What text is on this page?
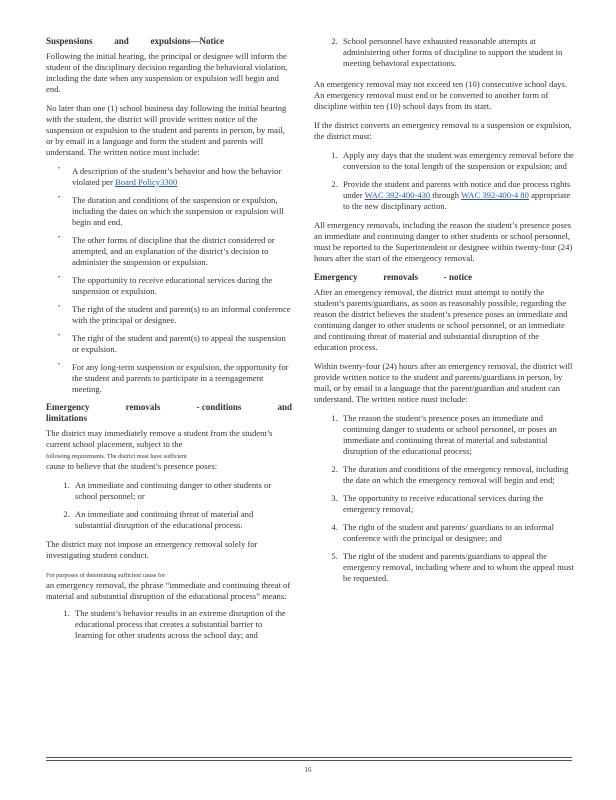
Suspensions and expulsions—Notice

Following the initial hearing, the principal or designee will inform the student of the disciplinary decision regarding the behavioral violation, including the date when any suspension or expulsion will begin and end.

No later than one (1) school business day following the initial hearing with the student, the district will provide written notice of the suspension or expulsion to the student and parents in person, by mail, or by email in a language and form the student and parents will understand. The written notice must include:

• A description of the student’s behavior and how the behavior violated per Board Policy3300
• The duration and conditions of the suspension or expulsion, including the dates on which the suspension or expulsion will begin and end.
• The other forms of discipline that the district considered or attempted, and an explanation of the district’s decision to administer the suspension or expulsion.
• The opportunity to receive educational services during the suspension or expulsion.
• The right of the student and parent(s) to an informal conference with the principal or designee.
• The right of the student and parent(s) to appeal the suspension or expulsion.
• For any long-term suspension or expulsion, the opportunity for the student and parents to participate in a reengagement meeting.
Emergency	removals	- conditions	and
limitations

The district may immediately remove a student from the student’s current school placement, subject to the
following requirements. The district must have sufficient
cause to believe that the student’s presence poses:

1. An immediate and continuing danger to other students or school personnel; or
2. An immediate and continuing threat of material and substantial disruption of the educational process.

The district may not impose an emergency removal solely for investigating student conduct.

For purposes of determining sufficient cause for
an emergency removal, the phrase “immediate and continuing threat of material and substantial disruption of the educational process” means:

1. The student’s behavior results in an extreme disruption of the educational process that creates a substantial barrier to learning for other students across the school day; and
2. School personnel have exhausted reasonable attempts at administering other forms of discipline to support the student in meeting behavioral expectations.

An emergency removal may not exceed ten (10) consecutive school days. An emergency removal must end or be converted to another form of discipline within ten (10) school days from its start.

If the district converts an emergency removal to a suspension or expulsion, the district must:

1. Apply any days that the student was emergency removal before the conversion to the total length of the suspension or expulsion; and
2. Provide the student and parents with notice and due process rights under WAC 392-400-430 through WAC 392-400-4 80 appropriate to the new disciplinary action.

All emergency removals, including the reason the student’s presence poses an immediate and continuing danger to other students or school personnel, must be reported to the Superintendent or designee within twenty-four (24) hours after the start of the emergency removal.

Emergency	removals	- notice

After an emergency removal, the district must attempt to notify the student’s parents/guardians, as soon as reasonably possible, regarding the reason the district believes the student’s presence poses an immediate and continuing danger to other students or school personnel, or an immediate and continuing threat of material and substantial disruption of the education process.

Within twenty-four (24) hours after an emergency removal, the district will provide written notice to the student and parents/guardians in person, by mail, or by email in a language that the parent/guardian and student can understand. The written notice must include:

1. The reason the student’s presence poses an immediate and continuing danger to students or school personnel, or poses an immediate and continuing threat of material and substantial disruption of the educational process;
2. The duration and conditions of the emergency removal, including the date on which the emergency removal will begin and end;
3. The opportunity to receive educational services during the emergency removal;
4. The right of the student and parents/ guardians to an informal conference with the principal or designee; and
5. The right of the student and parents/guardians to appeal the emergency removal, including where and to whom the appeal must be requested.
16
